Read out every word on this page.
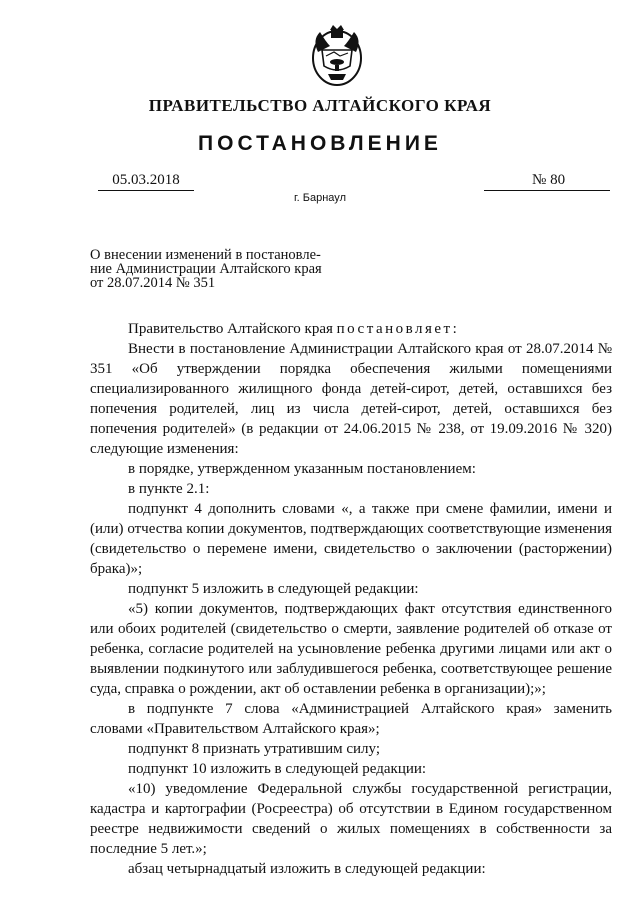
ПРАВИТЕЛЬСТВО АЛТАЙСКОГО КРАЯ
ПОСТАНОВЛЕНИЕ
05.03.2018	№ 80
г. Барнаул
О внесении изменений в постановле-
ние Администрации Алтайского края
от 28.07.2014 № 351

Правительство Алтайского края постановляет:

Внести в постановление Администрации Алтайского края от 28.07.2014 № 351 «Об утверждении порядка обеспечения жилыми помещениями специализированного жилищного фонда детей-сирот, детей, оставшихся без попечения родителей, лиц из числа детей-сирот, детей, оставшихся без попечения родителей» (в редакции от 24.06.2015 № 238, от 19.09.2016 № 320) следующие изменения:

в порядке, утвержденном указанным постановлением:

в пункте 2.1:

подпункт 4 дополнить словами «, а также при смене фамилии, имени и (или) отчества копии документов, подтверждающих соответствующие изменения (свидетельство о перемене имени, свидетельство о заключении (расторжении) брака)»;

подпункт 5 изложить в следующей редакции:

«5) копии документов, подтверждающих факт отсутствия единственного или обоих родителей (свидетельство о смерти, заявление родителей об отказе от ребенка, согласие родителей на усыновление ребенка другими лицами или акт о выявлении подкинутого или заблудившегося ребенка, соответствующее решение суда, справка о рождении, акт об оставлении ребенка в организации);»;

в подпункте 7 слова «Администрацией Алтайского края» заменить словами «Правительством Алтайского края»;

подпункт 8 признать утратившим силу;

подпункт 10 изложить в следующей редакции:

«10) уведомление Федеральной службы государственной регистрации, кадастра и картографии (Росреестра) об отсутствии в Едином государственном реестре недвижимости сведений о жилых помещениях в собственности за последние 5 лет.»;

абзац четырнадцатый изложить в следующей редакции:
